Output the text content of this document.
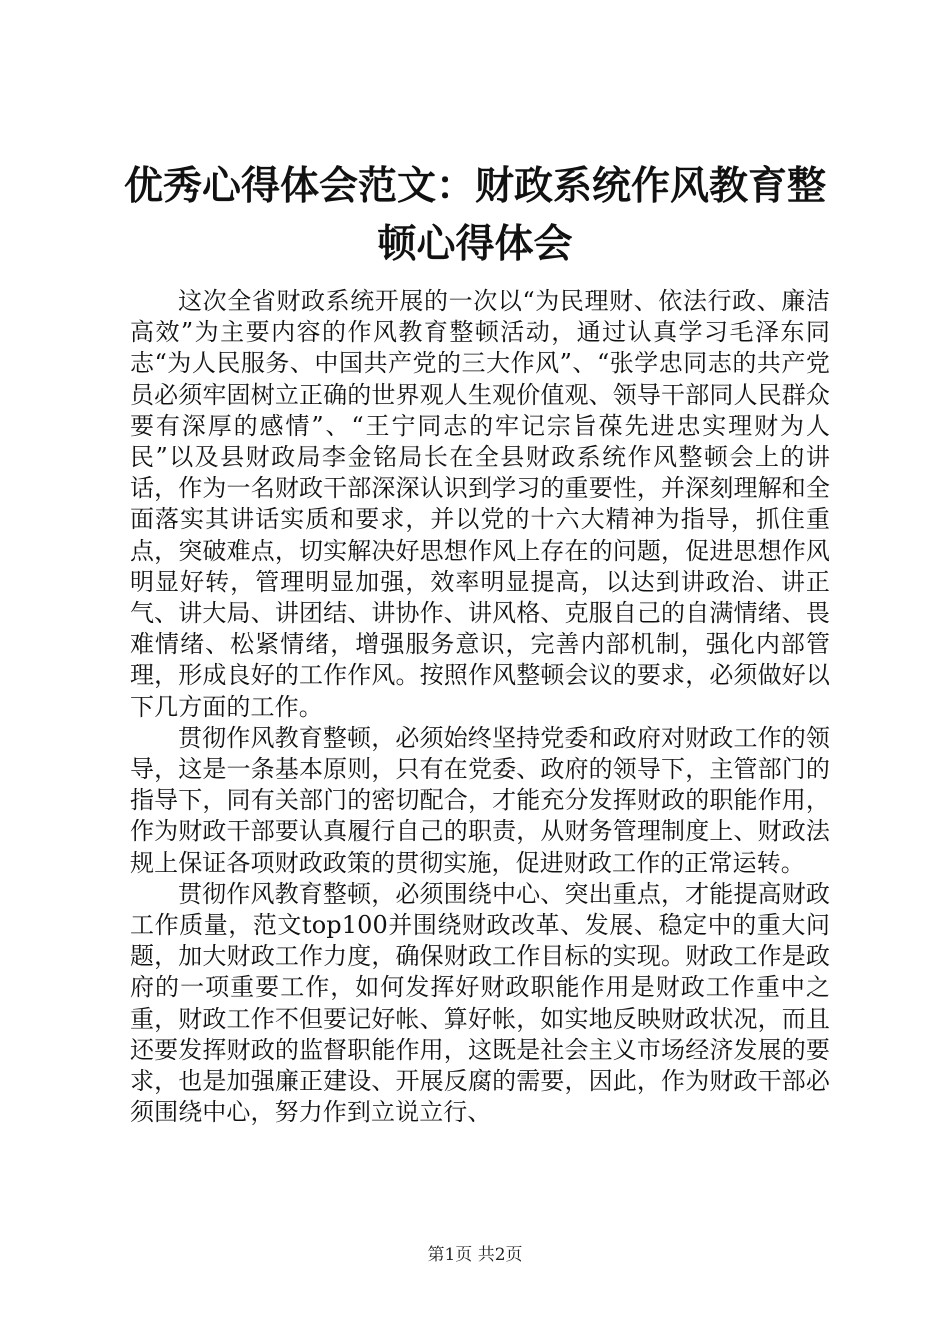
优秀心得体会范文：财政系统作风教育整顿心得体会

这次全省财政系统开展的一次以“为民理财、依法行政、廉洁高效”为主要内容的作风教育整顿活动，通过认真学习毛泽东同志“为人民服务、中国共产党的三大作风”、“张学忠同志的共产党员必须牢固树立正确的世界观人生观价值观、领导干部同人民群众要有深厚的感情”、“王宁同志的牢记宗旨葆先进忠实理财为人民”以及县财政局李金铭局长在全县财政系统作风整顿会上的讲话，作为一名财政干部深深认识到学习的重要性，并深刻理解和全面落实其讲话实质和要求，并以党的十六大精神为指导，抓住重点，突破难点，切实解决好思想作风上存在的问题，促进思想作风明显好转，管理明显加强，效率明显提高，以达到讲政治、讲正气、讲大局、讲团结、讲协作、讲风格、克服自己的自满情绪、畏难情绪、松紧情绪，增强服务意识，完善内部机制，强化内部管理，形成良好的工作作风。按照作风整顿会议的要求，必须做好以下几方面的工作。

贯彻作风教育整顿，必须始终坚持党委和政府对财政工作的领导，这是一条基本原则，只有在党委、政府的领导下，主管部门的指导下，同有关部门的密切配合，才能充分发挥财政的职能作用，作为财政干部要认真履行自己的职责，从财务管理制度上、财政法规上保证各项财政政策的贯彻实施，促进财政工作的正常运转。

贯彻作风教育整顿，必须围绕中心、突出重点，才能提高财政工作质量，范文top100并围绕财政改革、发展、稳定中的重大问题，加大财政工作力度，确保财政工作目标的实现。财政工作是政府的一项重要工作，如何发挥好财政职能作用是财政工作重中之重，财政工作不但要记好帐、算好帐，如实地反映财政状况，而且还要发挥财政的监督职能作用，这既是社会主义市场经济发展的要求，也是加强廉正建设、开展反腐的需要，因此，作为财政干部必须围绕中心，努力作到立说立行、

第1页 共2页
